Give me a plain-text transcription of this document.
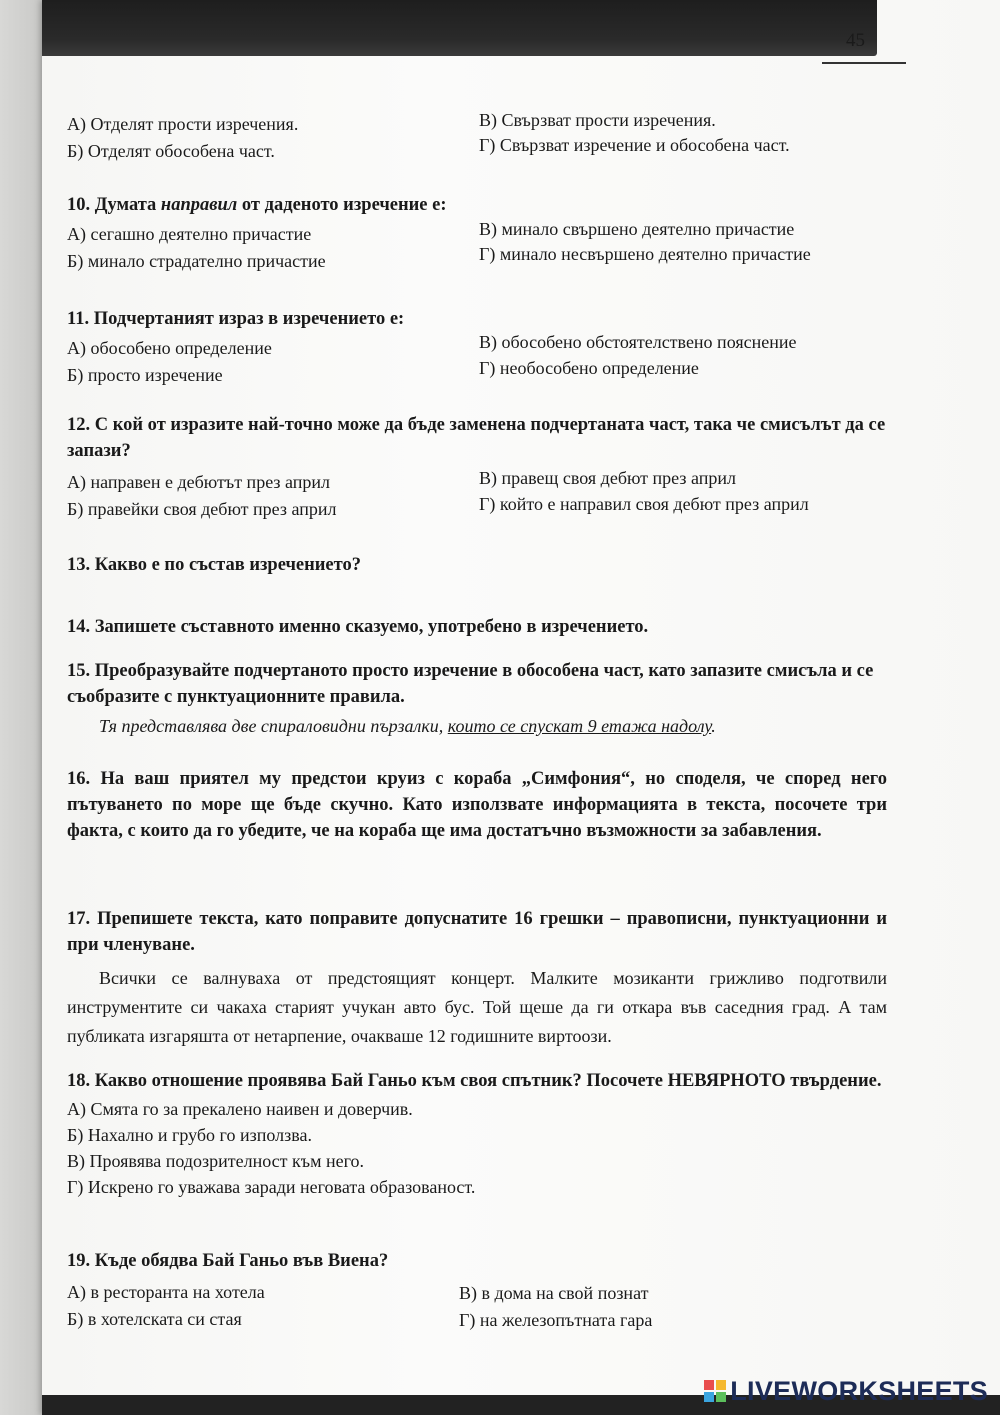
45
А) Отделят прости изречения.
Б) Отделят обособена част.
В) Свързват прости изречения.
Г) Свързват изречение и обособена част.
10. Думата направил от даденото изречение е:
А) сегашно деятелно причастие
Б) минало страдателно причастие
В) минало свършено деятелно причастие
Г) минало несвършено деятелно причастие
11. Подчертаният израз в изречението е:
А) обособено определение
Б) просто изречение
В) обособено обстоятелствено пояснение
Г) необособено определение
12. С кой от изразите най-точно може да бъде заменена подчертаната част, така че смисълът да се запази?
А) направен е дебютът през април
Б) правейки своя дебют през април
В) правещ своя дебют през април
Г) който е направил своя дебют през април
13. Какво е по състав изречението?
14. Запишете съставното именно сказуемо, употребено в изречението.
15. Преобразувайте подчертаното просто изречение в обособена част, като запазите смисъла и се съобразите с пунктуационните правила.
Тя представлява две спираловидни пързалки, които се спускат 9 етажа надолу.
16. На ваш приятел му предстои круиз с кораба „Симфония“, но споделя, че според него пътуването по море ще бъде скучно. Като използвате информацията в текста, посочете три факта, с които да го убедите, че на кораба ще има достатъчно възможности за забавления.
17. Препишете текста, като поправите допуснатите 16 грешки – правописни, пунктуационни и при членуване.
Всички се валнуваха от предстоящият концерт. Малките мозиканти грижливо подготвили инструментите си чакаха старият учукан авто бус. Той щеше да ги откара във саседния град. А там публиката изгаряшта от нетарпение, очакваше 12 годишните виртоози.
18. Какво отношение проявява Бай Ганьо към своя спътник? Посочете НЕВЯРНОТО твърдение.
А) Смята го за прекалено наивен и доверчив.
Б) Нахално и грубо го използва.
В) Проявява подозрителност към него.
Г) Искрено го уважава заради неговата образованост.
19. Къде обядва Бай Ганьо във Виена?
А) в ресторанта на хотела
Б) в хотелската си стая
В) в дома на свой познат
Г) на железопътната гара
LIVEWORKSHEETS
